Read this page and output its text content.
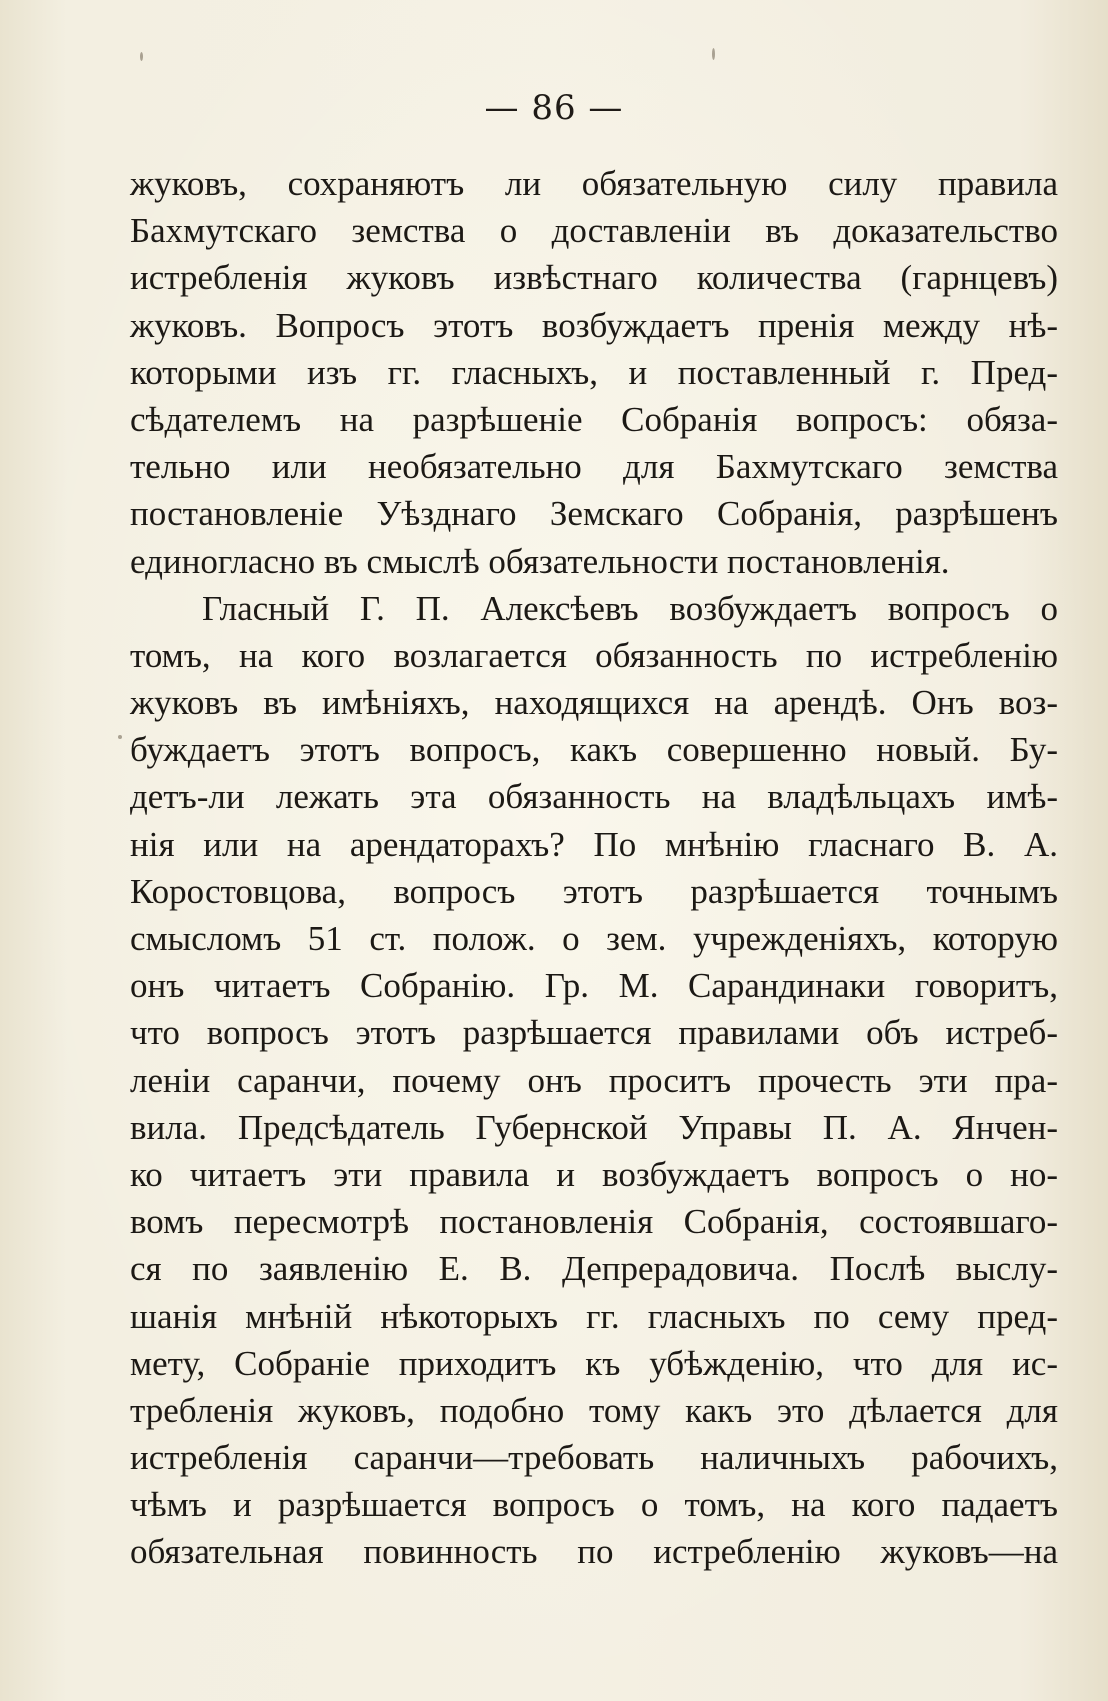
— 86 —
жуковъ, сохраняютъ ли обязательную силу правила
Бахмутскаго земства о доставленіи въ доказательство
истребленія жуковъ извѣстнаго количества (гарнцевъ)
жуковъ. Вопросъ этотъ возбуждаетъ пренія между нѣ-
которыми изъ гг. гласныхъ, и поставленный г. Пред-
сѣдателемъ на разрѣшеніе Собранія вопросъ: обяза-
тельно или необязательно для Бахмутскаго земства
постановленіе Уѣзднаго Земскаго Собранія, разрѣшенъ
единогласно въ смыслѣ обязательности постановленія.
Гласный Г. П. Алексѣевъ возбуждаетъ вопросъ о
томъ, на кого возлагается обязанность по истребленію
жуковъ въ имѣніяхъ, находящихся на арендѣ. Онъ воз-
буждаетъ этотъ вопросъ, какъ совершенно новый. Бу-
детъ-ли лежать эта обязанность на владѣльцахъ имѣ-
нія или на арендаторахъ? По мнѣнію гласнаго В. А.
Коростовцова, вопросъ этотъ разрѣшается точнымъ
смысломъ 51 ст. полож. о зем. учрежденіяхъ, которую
онъ читаетъ Собранію. Гр. М. Сарандинаки говоритъ,
что вопросъ этотъ разрѣшается правилами объ истреб-
леніи саранчи, почему онъ проситъ прочесть эти пра-
вила. Предсѣдатель Губернской Управы П. А. Янчен-
ко читаетъ эти правила и возбуждаетъ вопросъ о но-
вомъ пересмотрѣ постановленія Собранія, состоявшаго-
ся по заявленію Е. В. Депрерадовича. Послѣ выслу-
шанія мнѣній нѣкоторыхъ гг. гласныхъ по сему пред-
мету, Собраніе приходитъ къ убѣжденію, что для ис-
требленія жуковъ, подобно тому какъ это дѣлается для
истребленія саранчи—требовать наличныхъ рабочихъ,
чѣмъ и разрѣшается вопросъ о томъ, на кого падаетъ
обязательная повинность по истребленію жуковъ—на
